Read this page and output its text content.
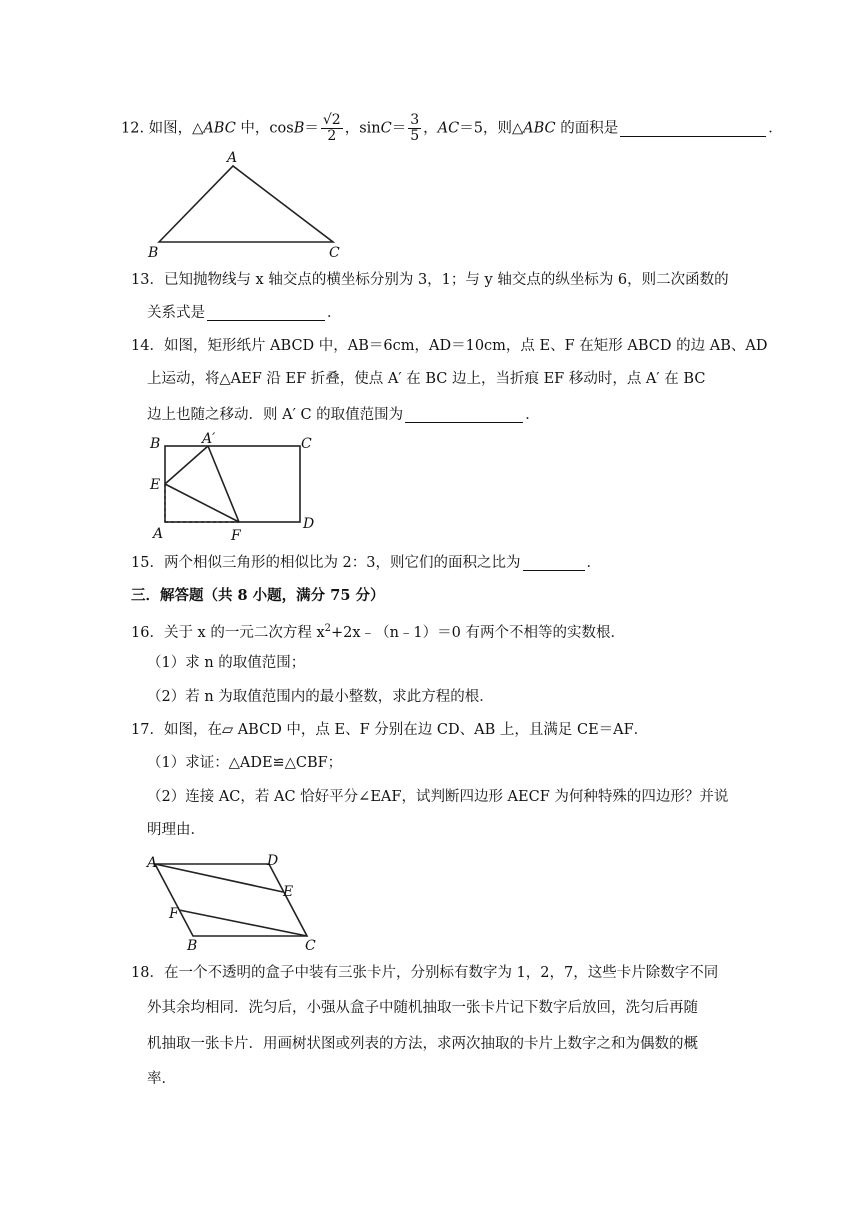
12. 如图，△ABC 中，$\cos B= \frac{√2}{2}$ ，$\sin C= \frac{3}{5}$ ，AC＝5，则△ABC 的面积是	．
A
B	C
13．已知抛物线与 x 轴交点的横坐标分别为 3，1；与 y 轴交点的纵坐标为 6，则二次函数的
关系式是	．
14．如图，矩形纸片 ABCD 中，AB＝6cm，AD＝10cm，点 E、F 在矩形 ABCD 的边 AB、AD
上运动，将△AEF 沿 EF 折叠，使点 A′ 在 BC 边上，当折痕 EF 移动时，点 A′ 在 BC
边上也随之移动．则 A′ C 的取值范围为	．
B	A′	C
E
A	F
D
15．两个相似三角形的相似比为 2：3，则它们的面积之比为	．
三．解答题（共 8 小题，满分 75 分）
16．关于 x 的一元二次方程 $x^2+2x﹣(n﹣1)=0$ 有两个不相等的实数根．
（1）求 n 的取值范围；
（2）若 n 为取值范围内的最小整数，求此方程的根．
17．如图，在▱ ABCD 中，点 E、F 分别在边 CD、AB 上，且满足 CE＝AF．
（1）求证：△ADE≌△CBF；
（2）连接 AC，若 AC 恰好平分∠EAF，试判断四边形 AECF 为何种特殊的四边形？并说
明理由．
A	D
E
F
B	C
18．在一个不透明的盒子中装有三张卡片，分别标有数字为 1，2，7，这些卡片除数字不同
外其余均相同．洗匀后，小强从盒子中随机抽取一张卡片记下数字后放回，洗匀后再随
机抽取一张卡片．用画树状图或列表的方法，求两次抽取的卡片上数字之和为偶数的概
率．
